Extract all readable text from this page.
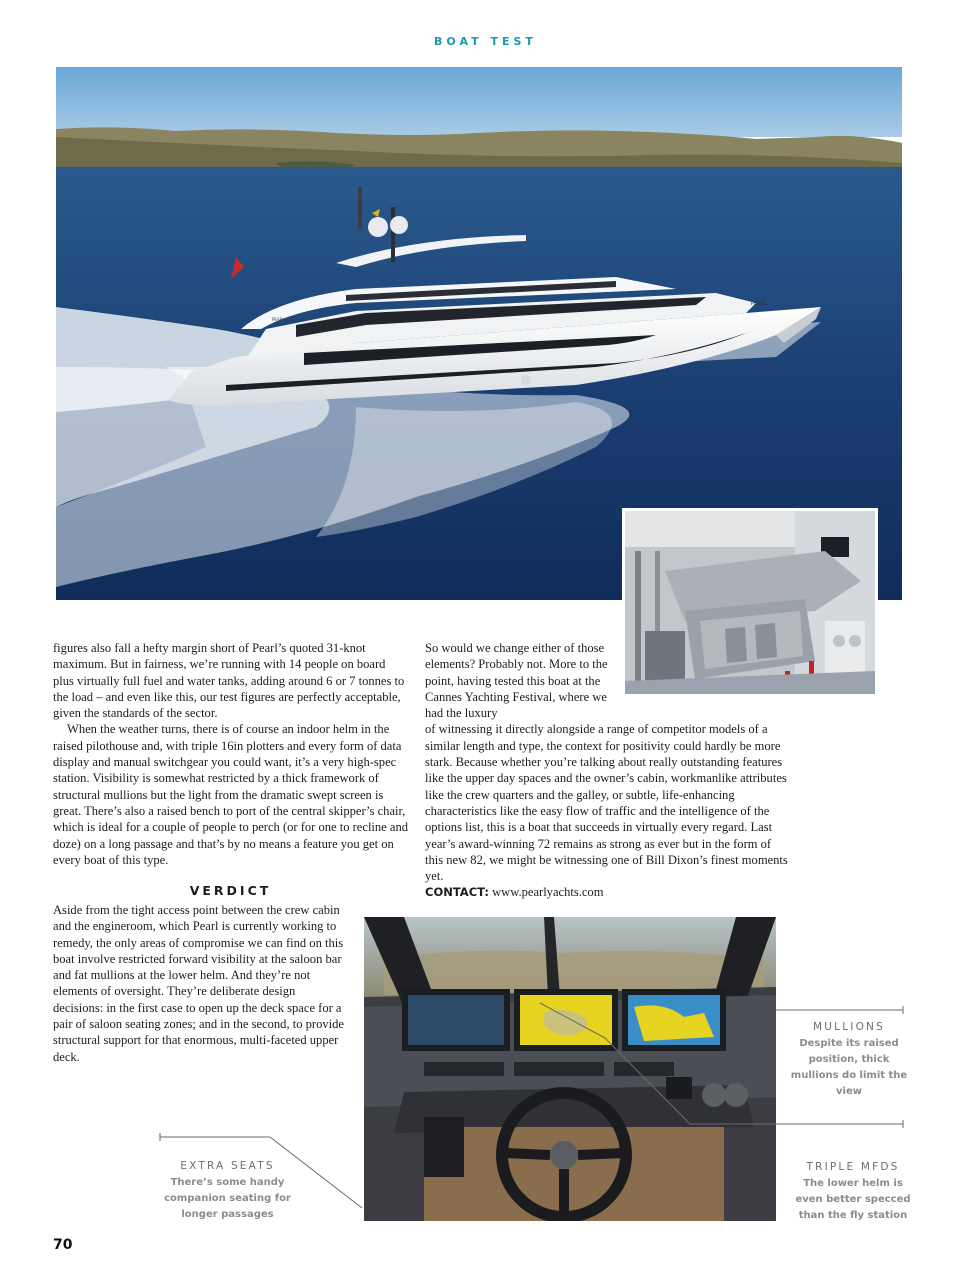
BOAT TEST
PEARL 82
PEARL

figures also fall a hefty margin short of Pearl’s quoted 31-knot maximum. But in fairness, we’re running with 14 people on board plus virtually full fuel and water tanks, adding around 6 or 7 tonnes to the load – and even like this, our test figures are perfectly acceptable, given the standards of the sector.

When the weather turns, there is of course an indoor helm in the raised pilothouse and, with triple 16in plotters and every form of data display and manual switchgear you could want, it’s a very high-spec station. Visibility is somewhat restricted by a thick framework of structural mullions but the light from the dramatic swept screen is great. There’s also a raised bench to port of the central skipper’s chair, which is ideal for a couple of people to perch (or for one to recline and doze) on a long passage and that’s by no means a feature you get on every boat of this type.

So would we change either of those elements? Probably not. More to the point, having tested this boat at the Cannes Yachting Festival, where we had the luxury

of witnessing it directly alongside a range of competitor models of a similar length and type, the context for positivity could hardly be more stark. Because whether you’re talking about really outstanding features like the upper day spaces and the owner’s cabin, workmanlike attributes like the crew quarters and the galley, or subtle, life-enhancing characteristics like the easy flow of traffic and the intelligence of the options list, this is a boat that succeeds in virtually every regard. Last year’s award-winning 72 remains as strong as ever but in the form of this new 82, we might be witnessing one of Bill Dixon’s finest moments yet.

CONTACT: www.pearlyachts.com

VERDICT

Aside from the tight access point between the crew cabin and the engineroom, which Pearl is currently working to remedy, the only areas of compromise we can find on this boat involve restricted forward visibility at the saloon bar and fat mullions at the lower helm. And they’re not elements of oversight. They’re deliberate design decisions: in the first case to open up the deck space for a pair of saloon seating zones; and in the second, to provide structural support for that enormous, multi-faceted upper deck.

MULLIONS
Despite its raised position, thick mullions do limit the view
TRIPLE MFDS
The lower helm is even better specced than the fly station
EXTRA SEATS
There’s some handy companion seating for longer passages
70
